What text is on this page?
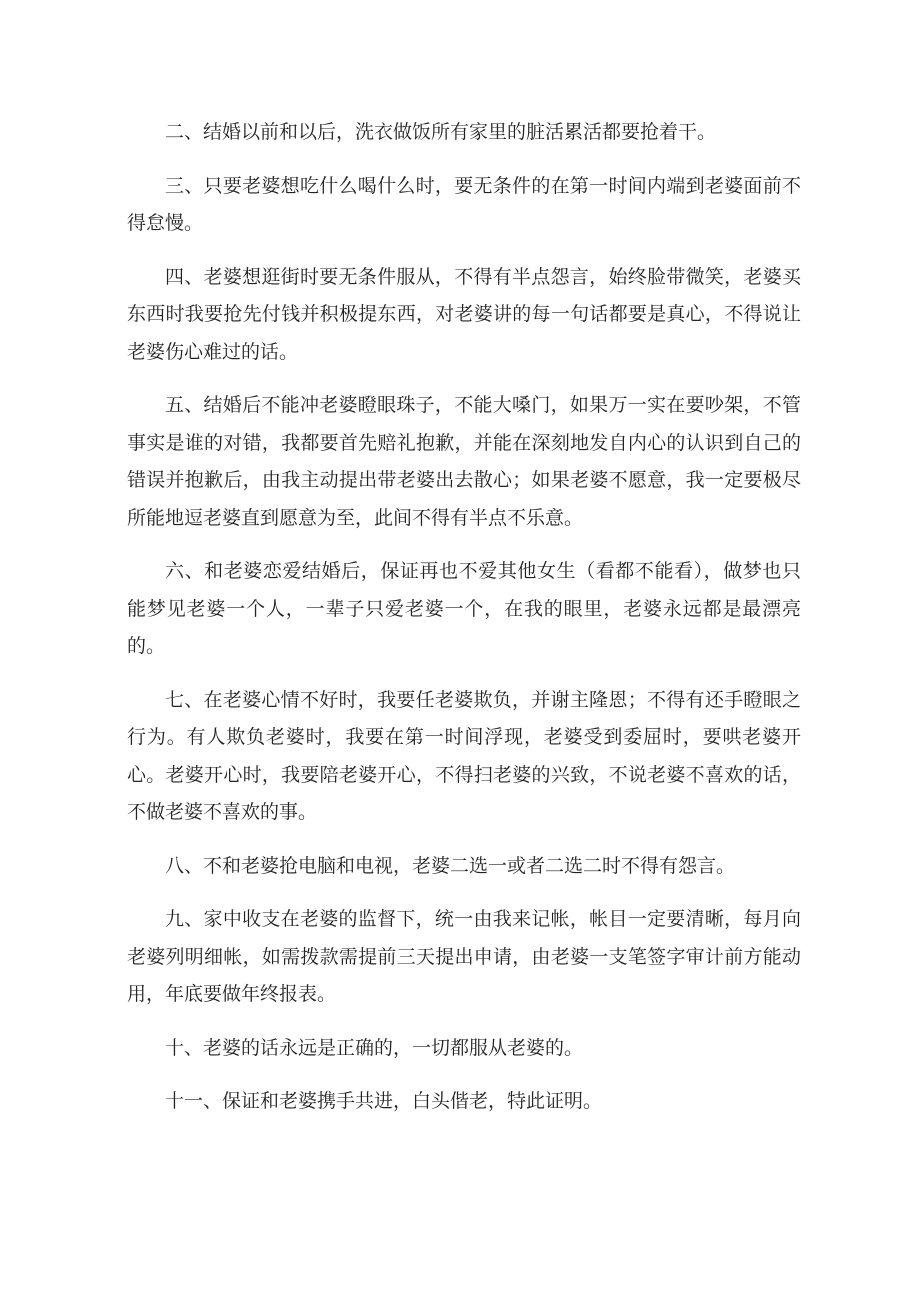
二、结婚以前和以后，洗衣做饭所有家里的脏活累活都要抢着干。

三、只要老婆想吃什么喝什么时，要无条件的在第一时间内端到老婆面前不得怠慢。

四、老婆想逛街时要无条件服从，不得有半点怨言，始终脸带微笑，老婆买东西时我要抢先付钱并积极提东西，对老婆讲的每一句话都要是真心，不得说让老婆伤心难过的话。

五、结婚后不能冲老婆瞪眼珠子，不能大嗓门，如果万一实在要吵架，不管事实是谁的对错，我都要首先赔礼抱歉，并能在深刻地发自内心的认识到自己的错误并抱歉后，由我主动提出带老婆出去散心；如果老婆不愿意，我一定要极尽所能地逗老婆直到愿意为至，此间不得有半点不乐意。

六、和老婆恋爱结婚后，保证再也不爱其他女生（看都不能看），做梦也只能梦见老婆一个人，一辈子只爱老婆一个，在我的眼里，老婆永远都是最漂亮的。

七、在老婆心情不好时，我要任老婆欺负，并谢主隆恩；不得有还手瞪眼之行为。有人欺负老婆时，我要在第一时间浮现，老婆受到委屈时，要哄老婆开心。老婆开心时，我要陪老婆开心，不得扫老婆的兴致，不说老婆不喜欢的话，不做老婆不喜欢的事。

八、不和老婆抢电脑和电视，老婆二选一或者二选二时不得有怨言。

九、家中收支在老婆的监督下，统一由我来记帐，帐目一定要清晰，每月向老婆列明细帐，如需拨款需提前三天提出申请，由老婆一支笔签字审计前方能动用，年底要做年终报表。

十、老婆的话永远是正确的，一切都服从老婆的。

十一、保证和老婆携手共进，白头偕老，特此证明。
